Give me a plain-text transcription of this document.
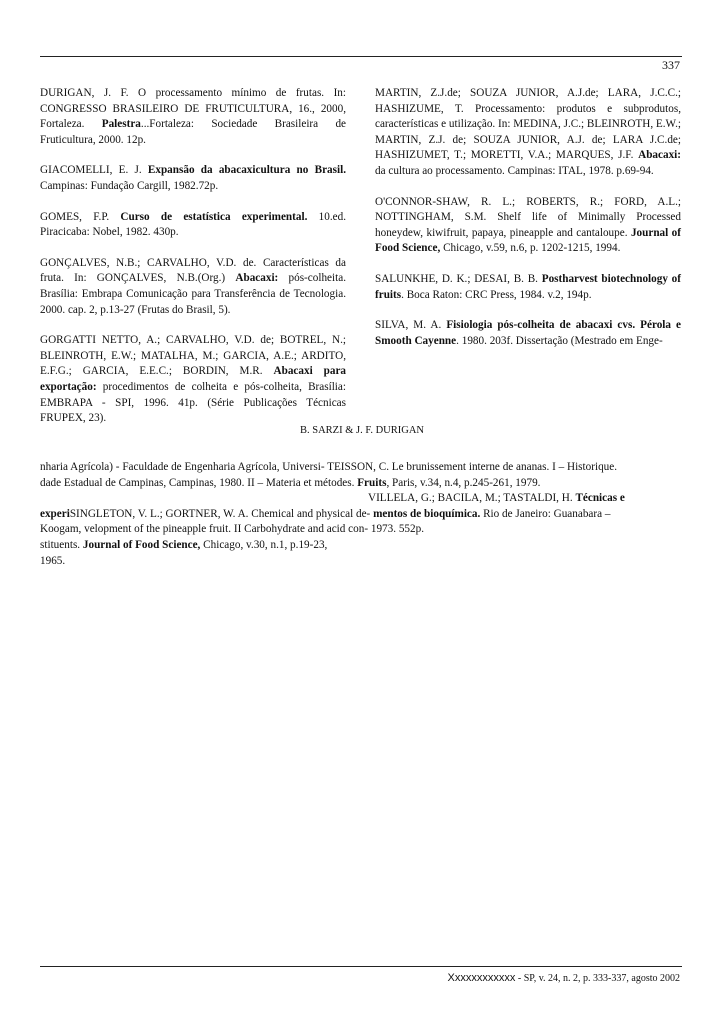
337

DURIGAN, J. F. O processamento mínimo de frutas. In: CONGRESSO BRASILEIRO DE FRUTICULTURA, 16., 2000, Fortaleza. Palestra...Fortaleza: Sociedade Brasileira de Fruticultura, 2000. 12p.

GIACOMELLI, E. J. Expansão da abacaxicultura no Brasil. Campinas: Fundação Cargill, 1982.72p.

GOMES, F.P. Curso de estatística experimental. 10.ed. Piracicaba: Nobel, 1982. 430p.

GONÇALVES, N.B.; CARVALHO, V.D. de. Características da fruta. In: GONÇALVES, N.B.(Org.) Abacaxi: pós-colheita. Brasília: Embrapa Comunicação para Transferência de Tecnologia. 2000. cap. 2, p.13-27 (Frutas do Brasil, 5).

GORGATTI NETTO, A.; CARVALHO, V.D. de; BOTREL, N.; BLEINROTH, E.W.; MATALHA, M.; GARCIA, A.E.; ARDITO, E.F.G.; GARCIA, E.E.C.; BORDIN, M.R. Abacaxi para exportação: procedimentos de colheita e pós-colheita, Brasília: EMBRAPA - SPI, 1996. 41p. (Série Publicações Técnicas FRUPEX, 23).

MARTIN, Z.J.de; SOUZA JUNIOR, A.J.de; LARA, J.C.C.; HASHIZUME, T. Processamento: produtos e subprodutos, características e utilização. In: MEDINA, J.C.; BLEINROTH, E.W.; MARTIN, Z.J. de; SOUZA JUNIOR, A.J. de; LARA J.C.de; HASHIZUMET, T.; MORETTI, V.A.; MARQUES, J.F. Abacaxi: da cultura ao processamento. Campinas: ITAL, 1978. p.69-94.

O'CONNOR-SHAW, R. L.; ROBERTS, R.; FORD, A.L.; NOTTINGHAM, S.M. Shelf life of Minimally Processed honeydew, kiwifruit, papaya, pineapple and cantaloupe. Journal of Food Science, Chicago, v.59, n.6, p. 1202-1215, 1994.

SALUNKHE, D. K.; DESAI, B. B. Postharvest biotechnology of fruits. Boca Raton: CRC Press, 1984. v.2, 194p.

SILVA, M. A. Fisiologia pós-colheita de abacaxi cvs. Pérola e Smooth Cayenne. 1980. 203f. Dissertação (Mestrado em Enge-

B. SARZI & J. F. DURIGAN
nharia Agrícola) - Faculdade de Engenharia Agrícola, Universi- TEISSON, C. Le brunissement interne de ananas. I – Historique.
dade Estadual de Campinas, Campinas, 1980. II – Materia et métodes. Fruits, Paris, v.34, n.4, p.245-261, 1979.
VILLELA, G.; BACILA, M.; TASTALDI, H. Técnicas e
experiSINGLETON, V. L.; GORTNER, W. A. Chemical and physical de- mentos de bioquímica. Rio de Janeiro: Guanabara –
Koogam, velopment of the pineapple fruit. II Carbohydrate and acid con- 1973. 552p.
stituents. Journal of Food Science, Chicago, v.30, n.1, p.19-23,
1965.
Xxxxxxxxxxxx - SP, v. 24, n. 2, p. 333-337, agosto 2002
